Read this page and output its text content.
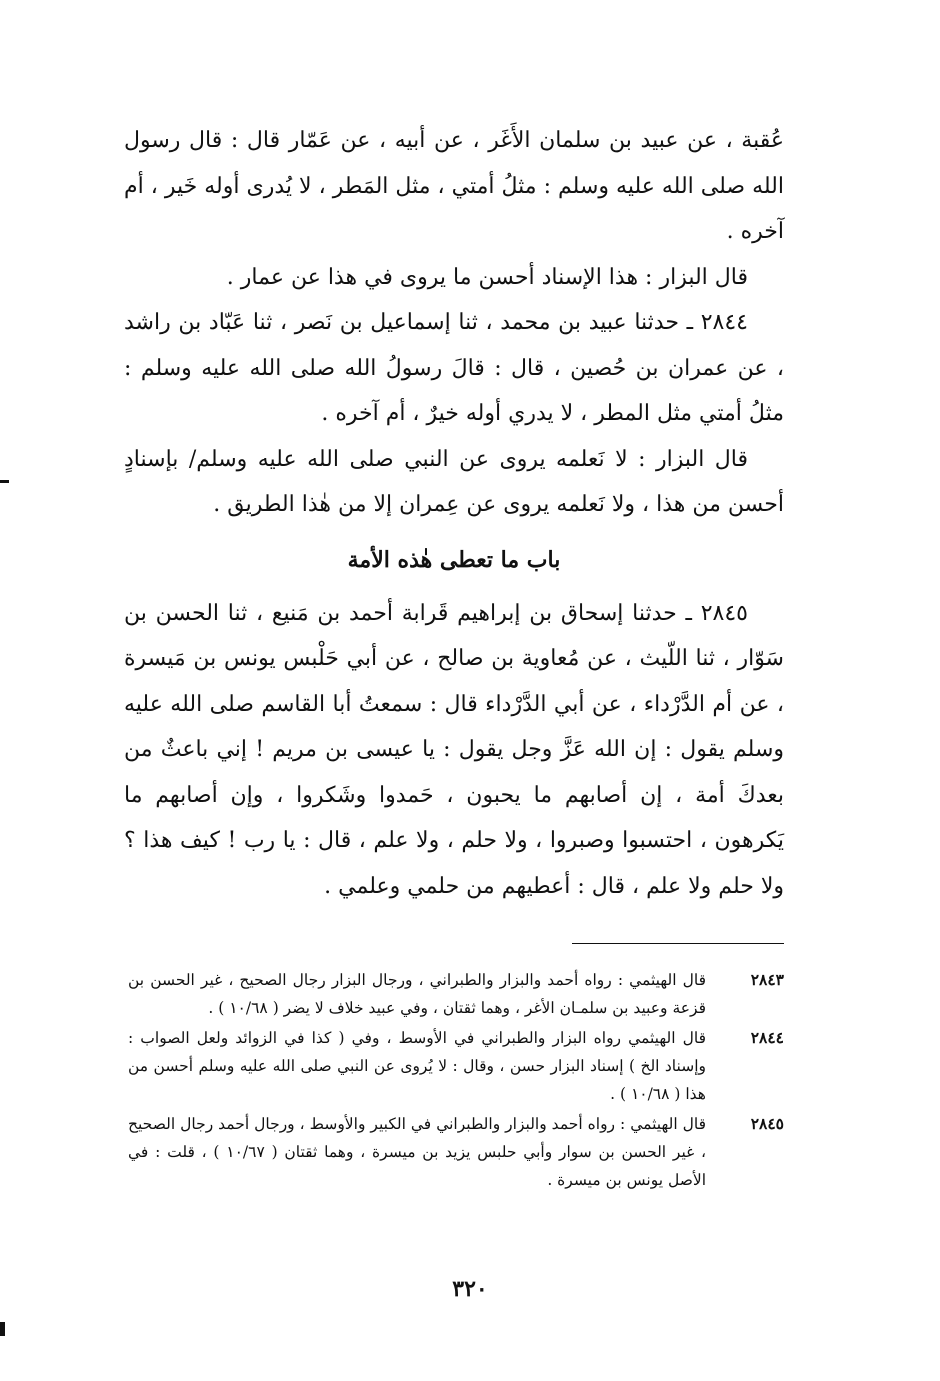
عُقبة ، عن عبيد بن سلمان الأَغَر ، عن أبيه ، عن عَمّار قال : قال رسول الله صلى الله عليه وسلم : مثلُ أمتي ، مثل المَطر ، لا يُدرى أوله خَير ، أم آخره .

قال البزار : هذا الإسناد أحسن ما يروى في هذا عن عمار .

٢٨٤٤ ـ حدثنا عبيد بن محمد ، ثنا إسماعيل بن نَصر ، ثنا عَبّاد بن راشد ، عن عمران بن حُصين ، قال : قالَ رسولُ الله صلى الله عليه وسلم : مثلُ أمتي مثل المطر ، لا يدري أوله خيرٌ ، أم آخره .

قال البزار : لا نَعلمه يروى عن النبي صلى الله عليه وسلم/ بإسنادٍ أحسن من هذا ، ولا نَعلمه يروى عن عِمران إلا من هٰذا الطريق .

باب ما تعطى هٰذه الأمة

٢٨٤٥ ـ حدثنا إسحاق بن إبراهيم قَرابة أحمد بن مَنيع ، ثنا الحسن بن سَوّار ، ثنا اللّيث ، عن مُعاوية بن صالح ، عن أبي حَلْبس يونس بن مَيسرة ، عن أم الدَّرْداء ، عن أبي الدَّرْداء قال : سمعتُ أبا القاسم صلى الله عليه وسلم يقول : إن الله عَزَّ وجل يقول : يا عيسى بن مريم ! إني باعثٌ من بعدكَ أمة ، إن أصابهم ما يحبون ، حَمدوا وشَكروا ، وإن أصابهم ما يَكرهون ، احتسبوا وصبروا ، ولا حلم ، ولا علم ، قال : يا رب ! كيف هذا ؟ ولا حلم ولا علم ، قال : أعطيهم من حلمي وعلمي .

٢٨٤٣
قال الهيثمي : رواه أحمد والبزار والطبراني ، ورجال البزار رجال الصحيح ، غير الحسن بن قزعة وعبيد بن سلمـان الأغر ، وهما ثقتان ، وفي عبيد خلاف لا يضر ( ١٠/٦٨ ) .
٢٨٤٤
قال الهيثمي رواه البزار والطبراني في الأوسط ، وفي ( كذا في الزوائد ولعل الصواب : وإسناد الخ ) إسناد البزار حسن ، وقال : لا يُروى عن النبي صلى الله عليه وسلم أحسن من هذا ( ١٠/٦٨ ) .
٢٨٤٥
قال الهيثمي : رواه أحمد والبزار والطبراني في الكبير والأوسط ، ورجال أحمد رجال الصحيح ، غير الحسن بن سوار وأبي حلبس يزيد بن ميسرة ، وهما ثقتان ( ١٠/٦٧ ) ، قلت : في الأصل يونس بن ميسرة .
٣٢٠
